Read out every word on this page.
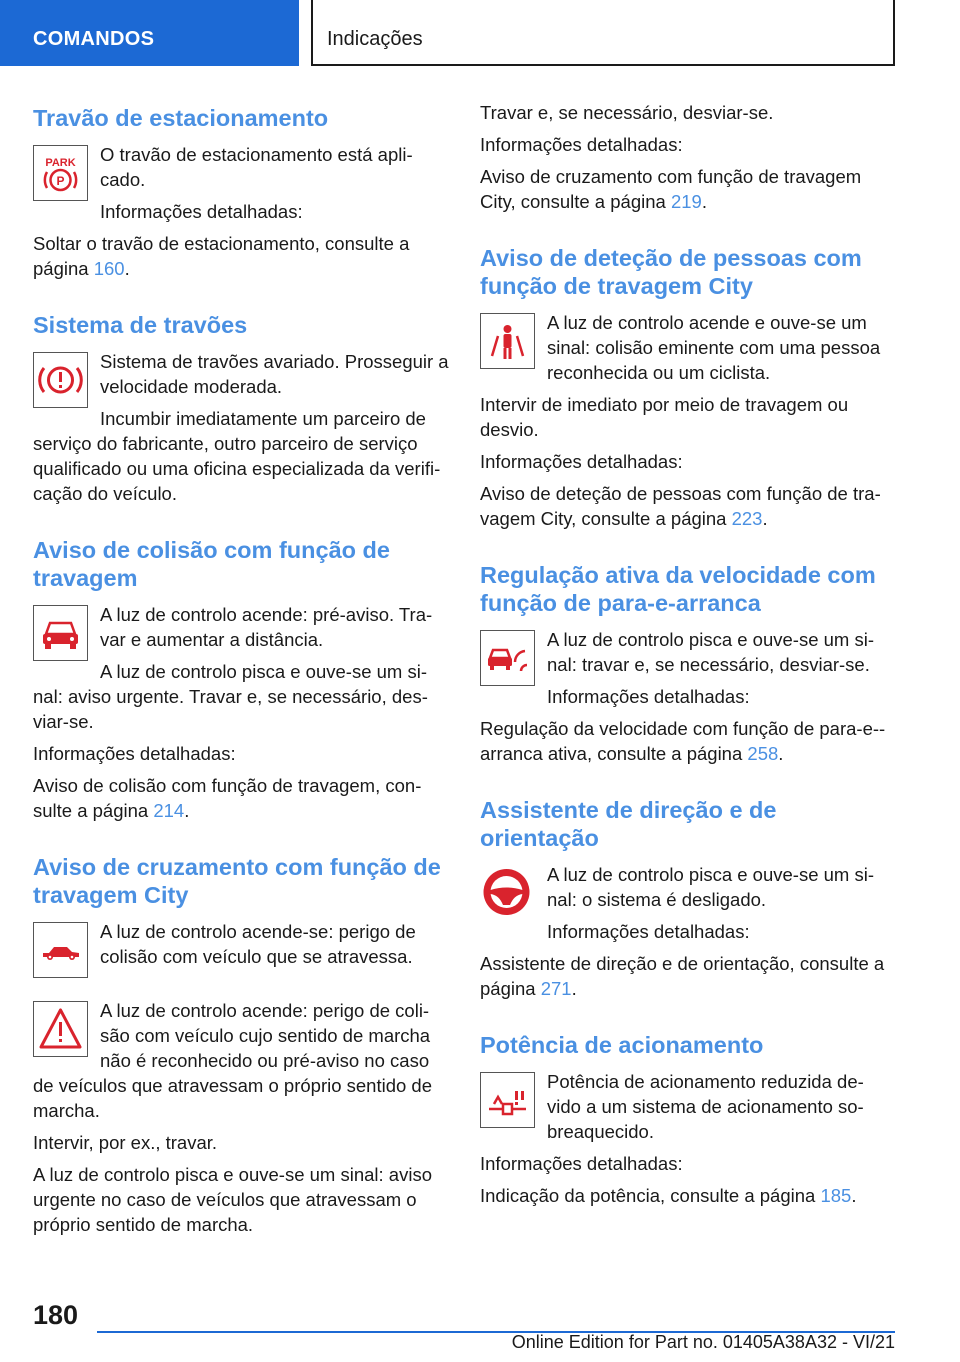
COMANDOS	Indicações
Travão de estacionamento
PARK
P

O travão de estacionamento está apli‐cado.

Informações detalhadas:

Soltar o travão de estacionamento, consulte a página 160.

Sistema de travões

Sistema de travões avariado. Prosseguir a velocidade moderada.

Incumbir imediatamente um parceiro de

serviço do fabricante, outro parceiro de serviço qualificado ou uma oficina especializada da verifi‐cação do veículo.

Aviso de colisão com função de travagem

A luz de controlo acende: pré-aviso. Tra‐var e aumentar a distância.

A luz de controlo pisca e ouve-se um si‐

nal: aviso urgente. Travar e, se necessário, des‐viar-se.

Informações detalhadas:

Aviso de colisão com função de travagem, con‐sulte a página 214.

Aviso de cruzamento com função de travagem City

A luz de controlo acende-se: perigo de colisão com veículo que se atravessa.

A luz de controlo acende: perigo de coli‐são com veículo cujo sentido de marcha não é reconhecido ou pré-aviso no caso

de veículos que atravessam o próprio sentido de marcha.

Intervir, por ex., travar.

A luz de controlo pisca e ouve-se um sinal: aviso urgente no caso de veículos que atravessam o próprio sentido de marcha.

Travar e, se necessário, desviar-se.

Informações detalhadas:

Aviso de cruzamento com função de travagem City, consulte a página 219.

Aviso de deteção de pessoas com função de travagem City

A luz de controlo acende e ouve-se um sinal: colisão eminente com uma pessoa reconhecida ou um ciclista.

Intervir de imediato por meio de travagem ou desvio.

Informações detalhadas:

Aviso de deteção de pessoas com função de tra‐vagem City, consulte a página 223.

Regulação ativa da velocidade com função de para-e-arranca

A luz de controlo pisca e ouve-se um si‐nal: travar e, se necessário, desviar-se.

Informações detalhadas:

Regulação da velocidade com função de para-e--arranca ativa, consulte a página 258.

Assistente de direção e de orientação

A luz de controlo pisca e ouve-se um si‐nal: o sistema é desligado.

Informações detalhadas:

Assistente de direção e de orientação, consulte a página 271.

Potência de acionamento

Potência de acionamento reduzida de‐vido a um sistema de acionamento so‐breaquecido.

Informações detalhadas:

Indicação da potência, consulte a página 185.

180
Online Edition for Part no. 01405A38A32 - VI/21
